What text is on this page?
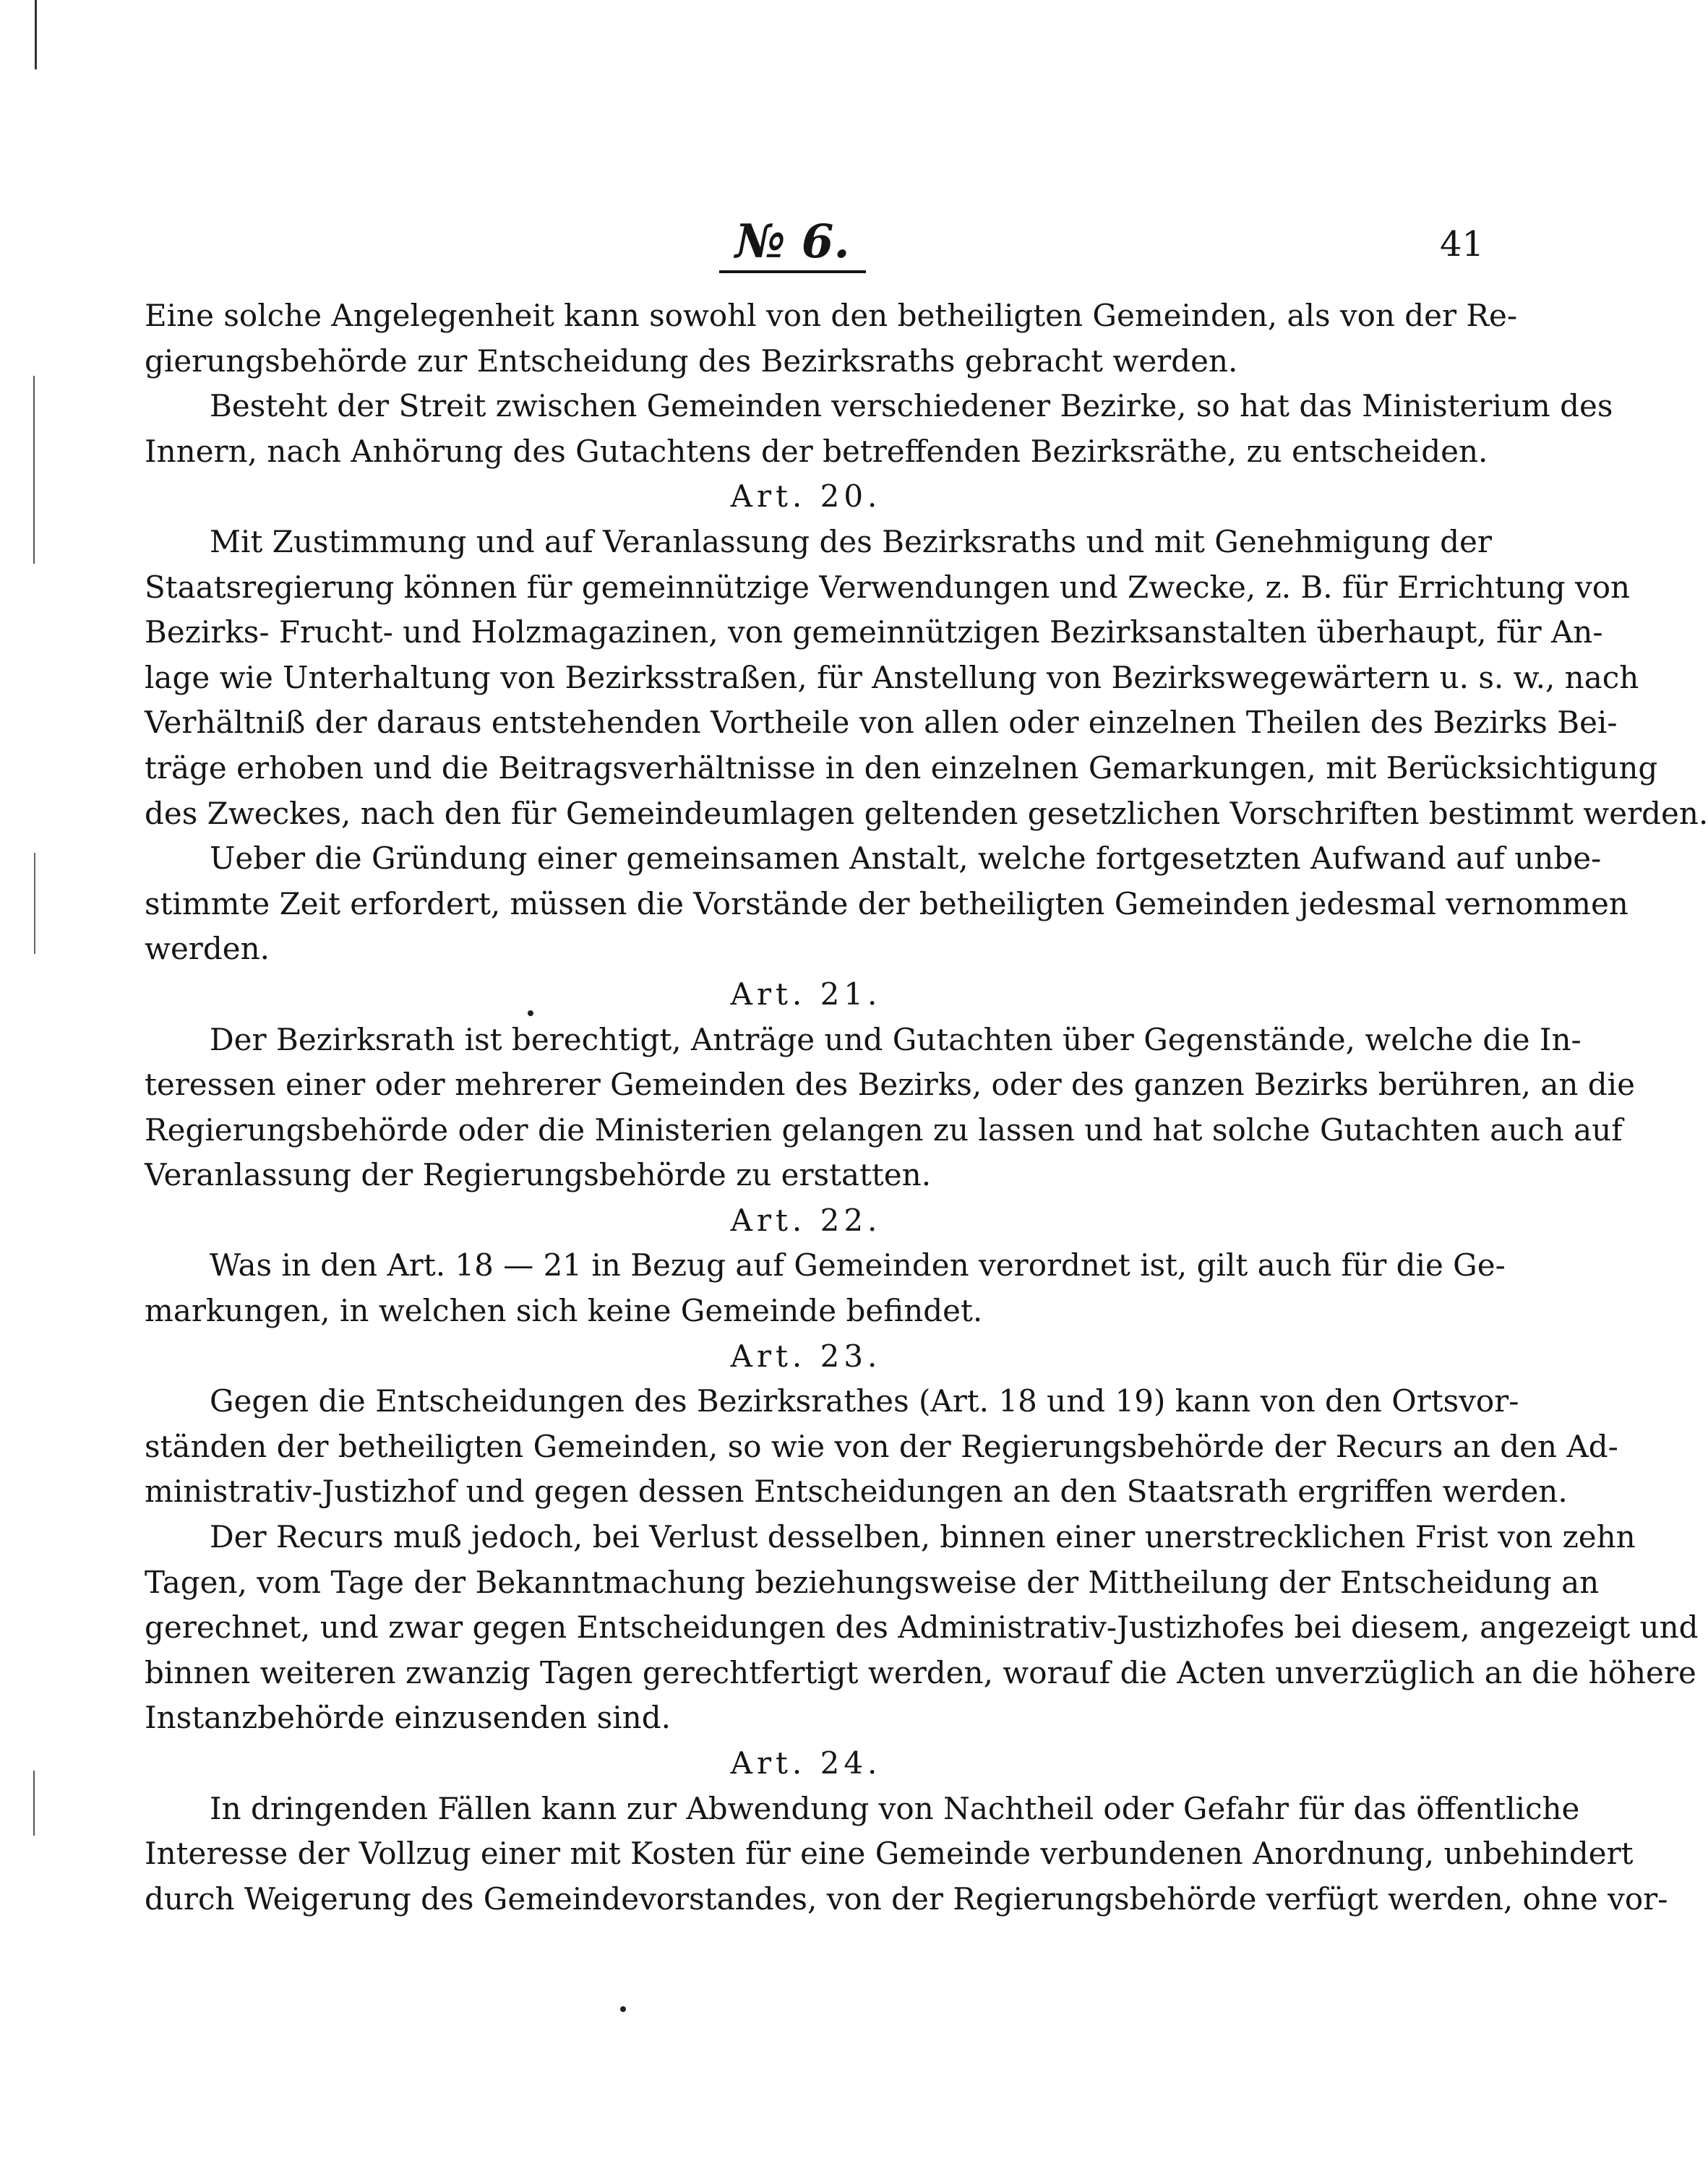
№ 6.	41
Eine solche Angelegenheit kann sowohl von den betheiligten Gemeinden, als von der Re-
gierungsbehörde zur Entscheidung des Bezirksraths gebracht werden.
Besteht der Streit zwischen Gemeinden verschiedener Bezirke, so hat das Ministerium des
Innern, nach Anhörung des Gutachtens der betreffenden Bezirksräthe, zu entscheiden.
Art. 20.
Mit Zustimmung und auf Veranlassung des Bezirksraths und mit Genehmigung der
Staatsregierung können für gemeinnützige Verwendungen und Zwecke, z. B. für Errichtung von
Bezirks- Frucht- und Holzmagazinen, von gemeinnützigen Bezirksanstalten überhaupt, für An-
lage wie Unterhaltung von Bezirksstraßen, für Anstellung von Bezirkswegewärtern u. s. w., nach
Verhältniß der daraus entstehenden Vortheile von allen oder einzelnen Theilen des Bezirks Bei-
träge erhoben und die Beitragsverhältnisse in den einzelnen Gemarkungen, mit Berücksichtigung
des Zweckes, nach den für Gemeindeumlagen geltenden gesetzlichen Vorschriften bestimmt werden.
Ueber die Gründung einer gemeinsamen Anstalt, welche fortgesetzten Aufwand auf unbe-
stimmte Zeit erfordert, müssen die Vorstände der betheiligten Gemeinden jedesmal vernommen
werden.
Art. 21.
Der Bezirksrath ist berechtigt, Anträge und Gutachten über Gegenstände, welche die In-
teressen einer oder mehrerer Gemeinden des Bezirks, oder des ganzen Bezirks berühren, an die
Regierungsbehörde oder die Ministerien gelangen zu lassen und hat solche Gutachten auch auf
Veranlassung der Regierungsbehörde zu erstatten.
Art. 22.
Was in den Art. 18 — 21 in Bezug auf Gemeinden verordnet ist, gilt auch für die Ge-
markungen, in welchen sich keine Gemeinde befindet.
Art. 23.
Gegen die Entscheidungen des Bezirksrathes (Art. 18 und 19) kann von den Ortsvor-
ständen der betheiligten Gemeinden, so wie von der Regierungsbehörde der Recurs an den Ad-
ministrativ-Justizhof und gegen dessen Entscheidungen an den Staatsrath ergriffen werden.
Der Recurs muß jedoch, bei Verlust desselben, binnen einer unerstrecklichen Frist von zehn
Tagen, vom Tage der Bekanntmachung beziehungsweise der Mittheilung der Entscheidung an
gerechnet, und zwar gegen Entscheidungen des Administrativ-Justizhofes bei diesem, angezeigt und
binnen weiteren zwanzig Tagen gerechtfertigt werden, worauf die Acten unverzüglich an die höhere
Instanzbehörde einzusenden sind.
Art. 24.
In dringenden Fällen kann zur Abwendung von Nachtheil oder Gefahr für das öffentliche
Interesse der Vollzug einer mit Kosten für eine Gemeinde verbundenen Anordnung, unbehindert
durch Weigerung des Gemeindevorstandes, von der Regierungsbehörde verfügt werden, ohne vor-
